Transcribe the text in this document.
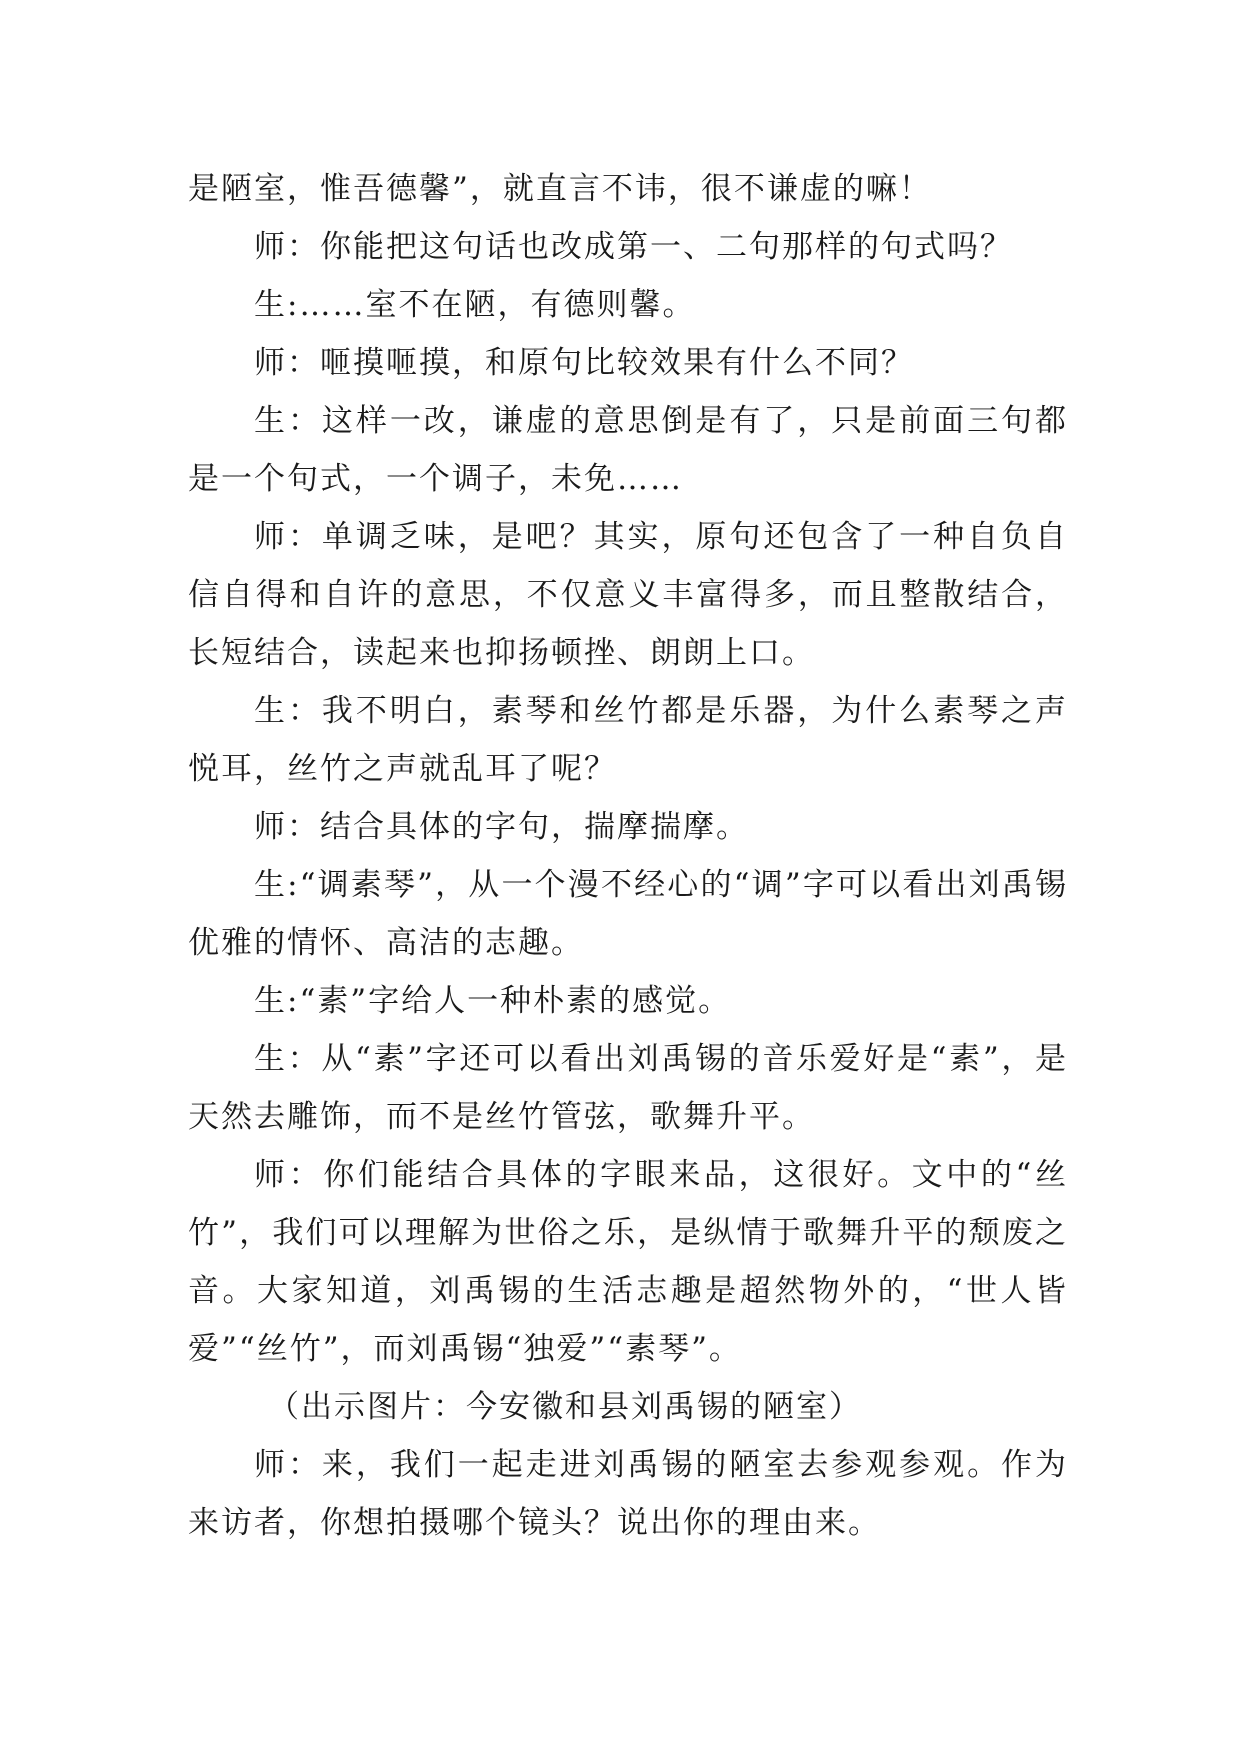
是陋室，惟吾德馨”，就直言不讳，很不谦虚的嘛！

师：你能把这句话也改成第一、二句那样的句式吗？

生:……室不在陋，有德则馨。

师：咂摸咂摸，和原句比较效果有什么不同？

生：这样一改，谦虚的意思倒是有了，只是前面三句都是一个句式，一个调子，未免……

师：单调乏味，是吧？其实，原句还包含了一种自负自信自得和自许的意思，不仅意义丰富得多，而且整散结合，长短结合，读起来也抑扬顿挫、朗朗上口。

生：我不明白，素琴和丝竹都是乐器，为什么素琴之声悦耳，丝竹之声就乱耳了呢？

师：结合具体的字句，揣摩揣摩。

生:“调素琴”，从一个漫不经心的“调”字可以看出刘禹锡优雅的情怀、高洁的志趣。

生:“素”字给人一种朴素的感觉。

生：从“素”字还可以看出刘禹锡的音乐爱好是“素”，是天然去雕饰，而不是丝竹管弦，歌舞升平。

师：你们能结合具体的字眼来品，这很好。文中的“丝竹”，我们可以理解为世俗之乐，是纵情于歌舞升平的颓废之音。大家知道，刘禹锡的生活志趣是超然物外的，“世人皆爱”“丝竹”，而刘禹锡“独爱”“素琴”。

（出示图片：今安徽和县刘禹锡的陋室）

师：来，我们一起走进刘禹锡的陋室去参观参观。作为来访者，你想拍摄哪个镜头？说出你的理由来。
